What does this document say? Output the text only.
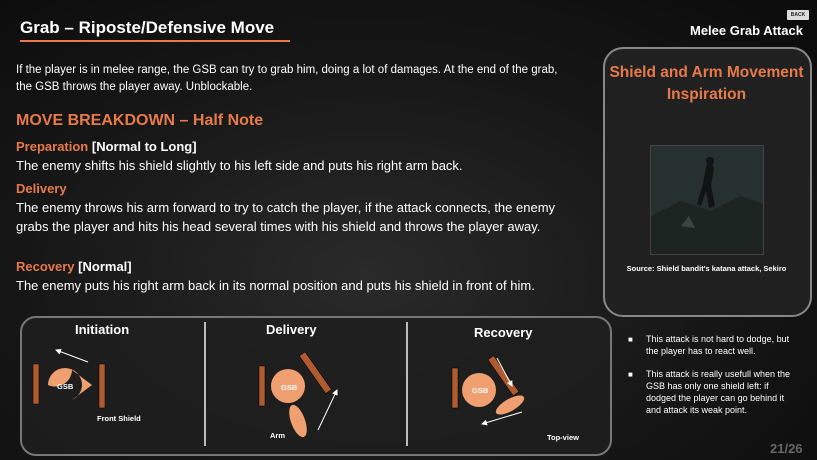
Grab – Riposte/Defensive Move
BACK
Melee Grab Attack
If the player is in melee range, the GSB can try to grab him, doing a lot of damages. At the end of the grab, the GSB throws the player away. Unblockable.
MOVE BREAKDOWN – Half Note
Preparation [Normal to Long]
The enemy shifts his shield slightly to his left side and puts his right arm back.
Delivery
The enemy throws his arm forward to try to catch the player, if the attack connects, the enemy grabs the player and hits his head several times with his shield and throws the player away.
Recovery [Normal]
The enemy puts his right arm back in its normal position and puts his shield in front of him.
Shield and Arm Movement Inspiration
Source: Shield bandit's katana attack, Sekiro
Initiation	Delivery	Recovery
GSB	GSB	GSB
Front Shield
Arm	Top-view
■ This attack is not hard to dodge, but the player has to react well.
■ This attack is really usefull when the GSB has only one shield left: if dodged the player can go behind it and attack its weak point.
21/26
